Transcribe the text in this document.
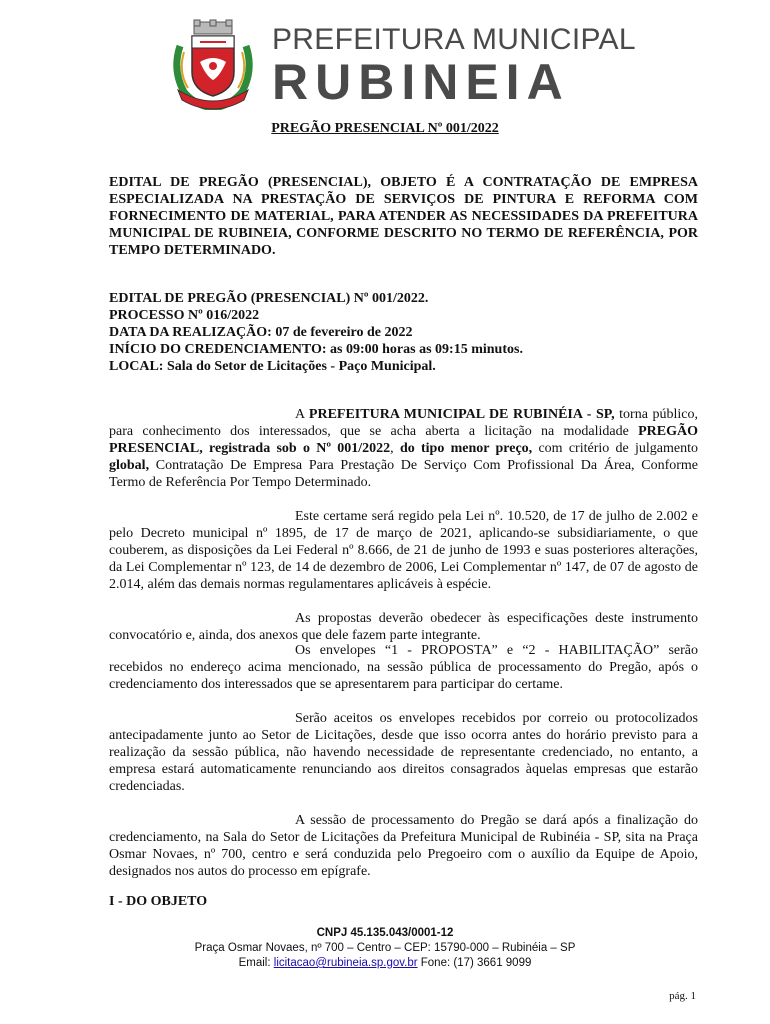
PREFEITURA MUNICIPAL
RUBINEIA
PREGÃO PRESENCIAL Nº 001/2022
EDITAL DE PREGÃO (PRESENCIAL), OBJETO É A CONTRATAÇÃO DE EMPRESA ESPECIALIZADA NA PRESTAÇÃO DE SERVIÇOS DE PINTURA E REFORMA COM FORNECIMENTO DE MATERIAL, PARA ATENDER AS NECESSIDADES DA PREFEITURA MUNICIPAL DE RUBINEIA, CONFORME DESCRITO NO TERMO DE REFERÊNCIA, POR TEMPO DETERMINADO.
EDITAL DE PREGÃO (PRESENCIAL) Nº 001/2022.
PROCESSO Nº 016/2022
DATA DA REALIZAÇÃO: 07 de fevereiro de 2022
INÍCIO DO CREDENCIAMENTO: as 09:00 horas as 09:15 minutos.
LOCAL: Sala do Setor de Licitações - Paço Municipal.

A PREFEITURA MUNICIPAL DE RUBINÉIA - SP, torna público, para conhecimento dos interessados, que se acha aberta a licitação na modalidade PREGÃO PRESENCIAL, registrada sob o Nº 001/2022, do tipo menor preço, com critério de julgamento global, Contratação De Empresa Para Prestação De Serviço Com Profissional Da Área, Conforme Termo de Referência Por Tempo Determinado.

Este certame será regido pela Lei nº. 10.520, de 17 de julho de 2.002 e pelo Decreto municipal nº 1895, de 17 de março de 2021, aplicando-se subsidiariamente, o que couberem, as disposições da Lei Federal nº 8.666, de 21 de junho de 1993 e suas posteriores alterações, da Lei Complementar nº 123, de 14 de dezembro de 2006, Lei Complementar nº 147, de 07 de agosto de 2.014, além das demais normas regulamentares aplicáveis à espécie.
As propostas deverão obedecer às especificações deste instrumento convocatório e, ainda, dos anexos que dele fazem parte integrante.
Os envelopes “1 - PROPOSTA” e “2 - HABILITAÇÃO” serão recebidos no endereço acima mencionado, na sessão pública de processamento do Pregão, após o credenciamento dos interessados que se apresentarem para participar do certame.
Serão aceitos os envelopes recebidos por correio ou protocolizados antecipadamente junto ao Setor de Licitações, desde que isso ocorra antes do horário previsto para a realização da sessão pública, não havendo necessidade de representante credenciado, no entanto, a empresa estará automaticamente renunciando aos direitos consagrados àquelas empresas que estarão credenciadas.
A sessão de processamento do Pregão se dará após a finalização do credenciamento, na Sala do Setor de Licitações da Prefeitura Municipal de Rubinéia - SP, sita na Praça Osmar Novaes, nº 700, centro e será conduzida pelo Pregoeiro com o auxílio da Equipe de Apoio, designados nos autos do processo em epígrafe.
I - DO OBJETO
CNPJ 45.135.043/0001-12
Praça Osmar Novaes, nº 700 – Centro – CEP: 15790-000 – Rubinéia – SP
Email: licitacao@rubineia.sp.gov.br Fone: (17) 3661 9099
pág. 1
